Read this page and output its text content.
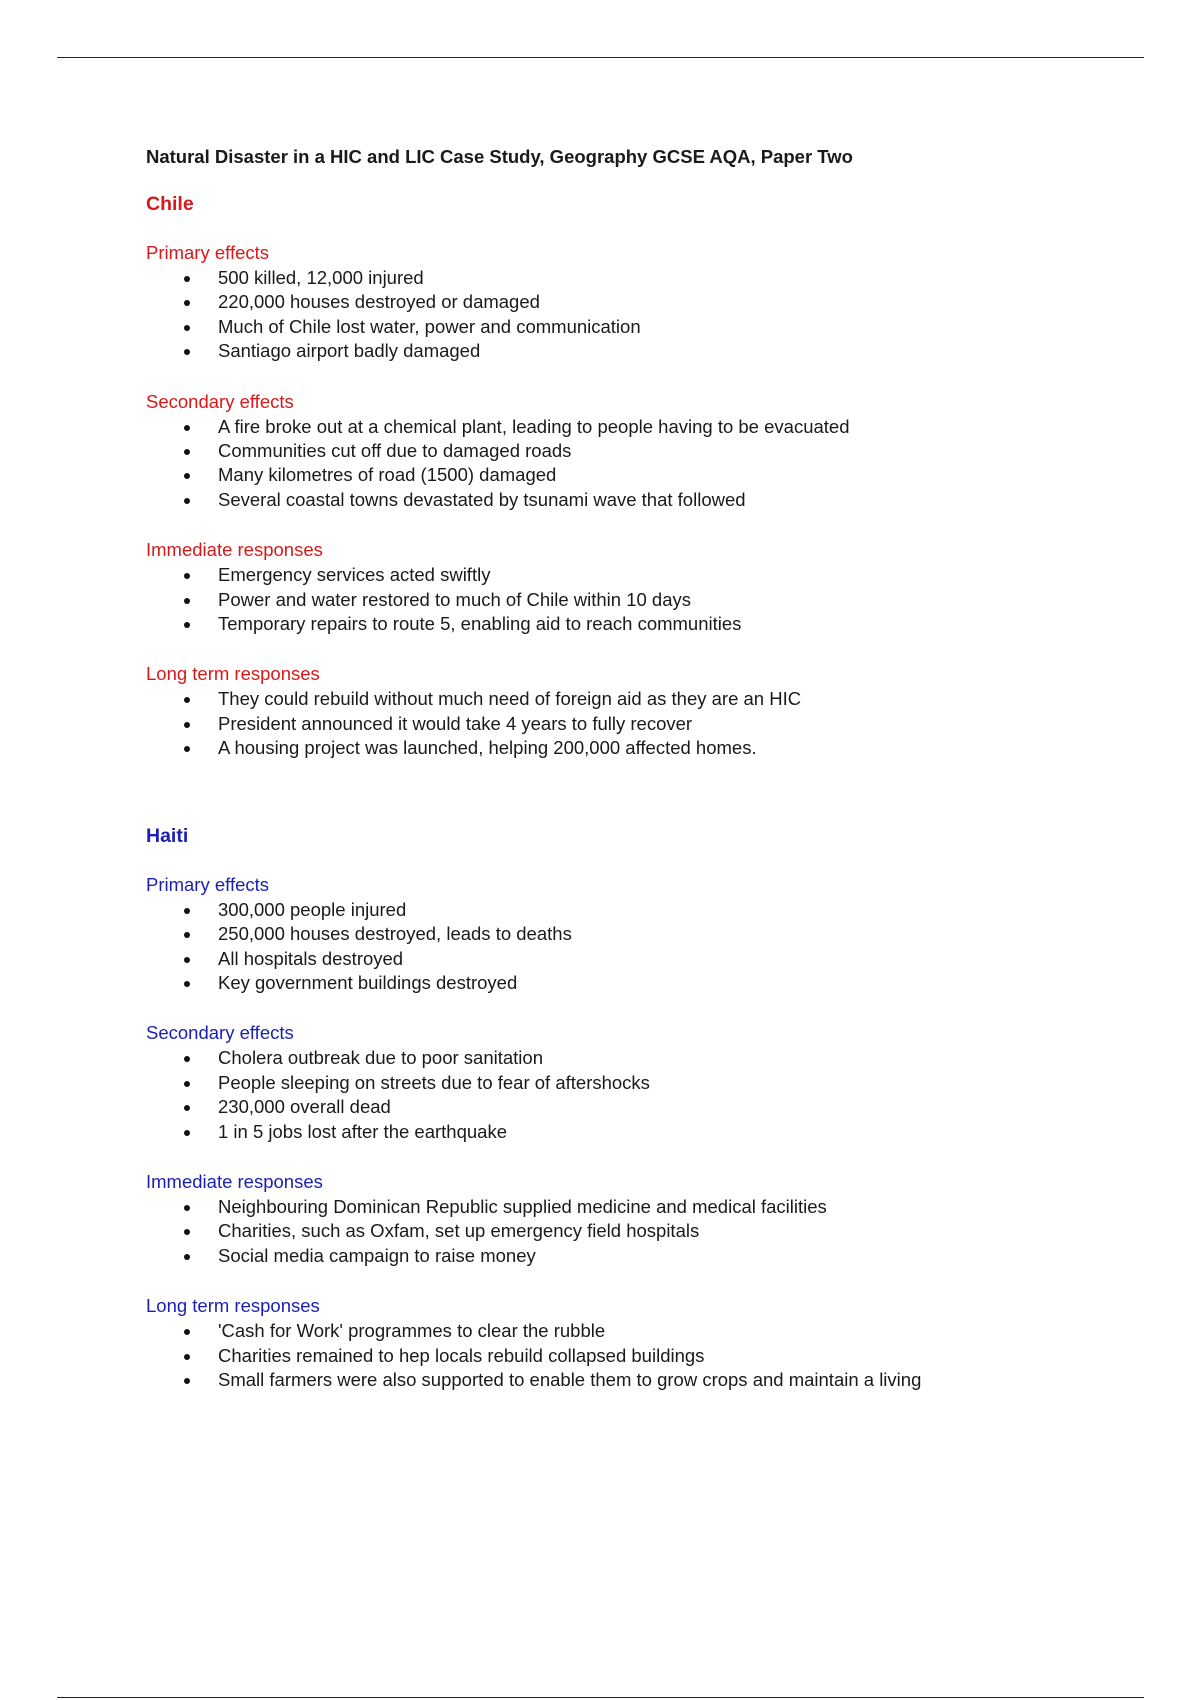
Natural Disaster in a HIC and LIC Case Study, Geography GCSE AQA, Paper Two
Chile
Primary effects
500 killed, 12,000 injured
220,000 houses destroyed or damaged
Much of Chile lost water, power and communication
Santiago airport badly damaged
Secondary effects
A fire broke out at a chemical plant, leading to people having to be evacuated
Communities cut off due to damaged roads
Many kilometres of road (1500) damaged
Several coastal towns devastated by tsunami wave that followed
Immediate responses
Emergency services acted swiftly
Power and water restored to much of Chile within 10 days
Temporary repairs to route 5, enabling aid to reach communities
Long term responses
They could rebuild without much need of foreign aid as they are an HIC
President announced it would take 4 years to fully recover
A housing project was launched, helping 200,000 affected homes.
Haiti
Primary effects
300,000 people injured
250,000 houses destroyed, leads to deaths
All hospitals destroyed
Key government buildings destroyed
Secondary effects
Cholera outbreak due to poor sanitation
People sleeping on streets due to fear of aftershocks
230,000 overall dead
1 in 5 jobs lost after the earthquake
Immediate responses
Neighbouring Dominican Republic supplied medicine and medical facilities
Charities, such as Oxfam, set up emergency field hospitals
Social media campaign to raise money
Long term responses
'Cash for Work' programmes to clear the rubble
Charities remained to hep locals rebuild collapsed buildings
Small farmers were also supported to enable them to grow crops and maintain a living
